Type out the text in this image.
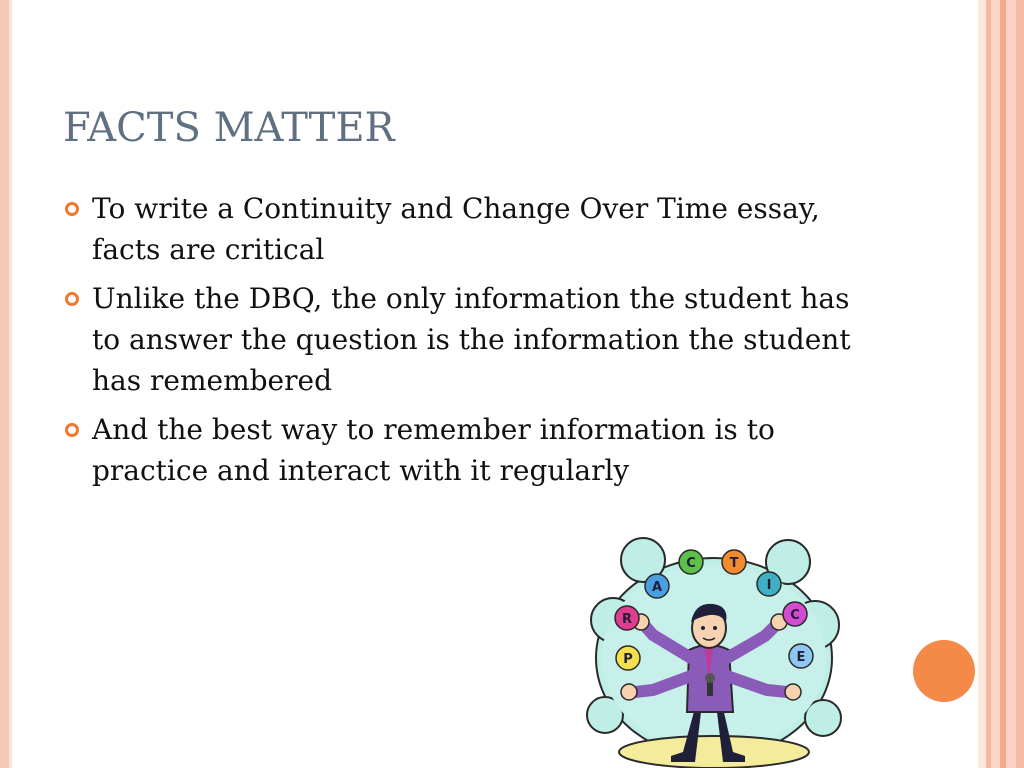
FACTS MATTER
To write a Continuity and Change Over Time essay, facts are critical
Unlike the DBQ, the only information the student has to answer the question is the information the student has remembered
And the best way to remember information is to practice and interact with it regularly
P
R
A
C	T
I
C
E
